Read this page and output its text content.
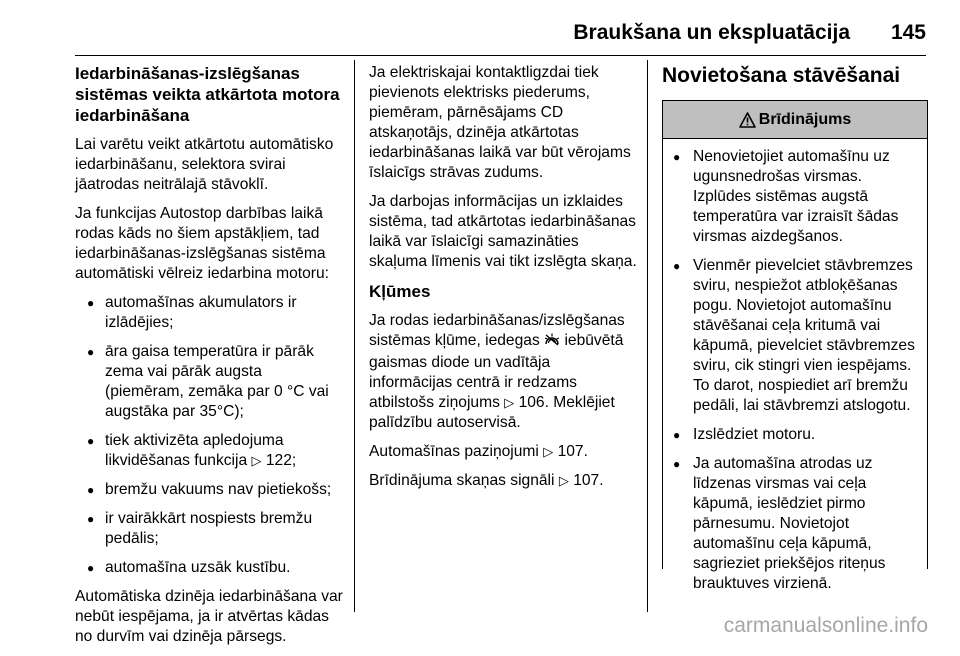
Braukšana un ekspluatācija 145
Iedarbināšanas-izslēgšanas sistēmas veikta atkārtota motora iedarbināšana

Lai varētu veikt atkārtotu automātisko iedarbināšanu, selektora svirai jāatrodas neitrālajā stāvoklī.

Ja funkcijas Autostop darbības laikā rodas kāds no šiem apstākļiem, tad iedarbināšanas-izslēgšanas sistēma automātiski vēlreiz iedarbina motoru:

● automašīnas akumulators ir izlādējies;
● āra gaisa temperatūra ir pārāk zema vai pārāk augsta (piemēram, zemāka par 0 °C vai augstāka par 35°C);
● tiek aktivizēta apledojuma likvidēšanas funkcija ▷ 122;
● bremžu vakuums nav pietiekošs;
● ir vairākkārt nospiests bremžu pedālis;
● automašīna uzsāk kustību.

Automātiska dzinēja iedarbināšana var nebūt iespējama, ja ir atvērtas kādas no durvīm vai dzinēja pārsegs.

Ja elektriskajai kontaktligzdai tiek pievienots elektrisks piederums, piemēram, pārnēsājams CD atskaņotājs, dzinēja atkārtotas iedarbināšanas laikā var būt vērojams īslaicīgs strāvas zudums.

Ja darbojas informācijas un izklaides sistēma, tad atkārtotas iedarbināšanas laikā var īslaicīgi samazināties skaļuma līmenis vai tikt izslēgta skaņa.

Kļūmes

Ja rodas iedarbināšanas/izslēgšanas sistēmas kļūme, iedegas iebūvētā gaismas diode un vadītāja informācijas centrā ir redzams atbilstošs ziņojums ▷ 106. Meklējiet palīdzību autoservisā.

Automašīnas paziņojumi ▷ 107.

Brīdinājuma skaņas signāli ▷ 107.

Novietošana stāvēšanai
Brīdinājums
● Nenovietojiet automašīnu uz ugunsnedrošas virsmas. Izplūdes sistēmas augstā temperatūra var izraisīt šādas virsmas aizdegšanos.
● Vienmēr pievelciet stāvbremzes sviru, nespiežot atbloķēšanas pogu. Novietojot automašīnu stāvēšanai ceļa kritumā vai kāpumā, pievelciet stāvbremzes sviru, cik stingri vien iespējams. To darot, nospiediet arī bremžu pedāli, lai stāvbremzi atslogotu.
● Izslēdziet motoru.
● Ja automašīna atrodas uz līdzenas virsmas vai ceļa kāpumā, ieslēdziet pirmo pārnesumu. Novietojot automašīnu ceļa kāpumā, sagrieziet priekšējos riteņus brauktuves virzienā.
carmanualsonline.info
